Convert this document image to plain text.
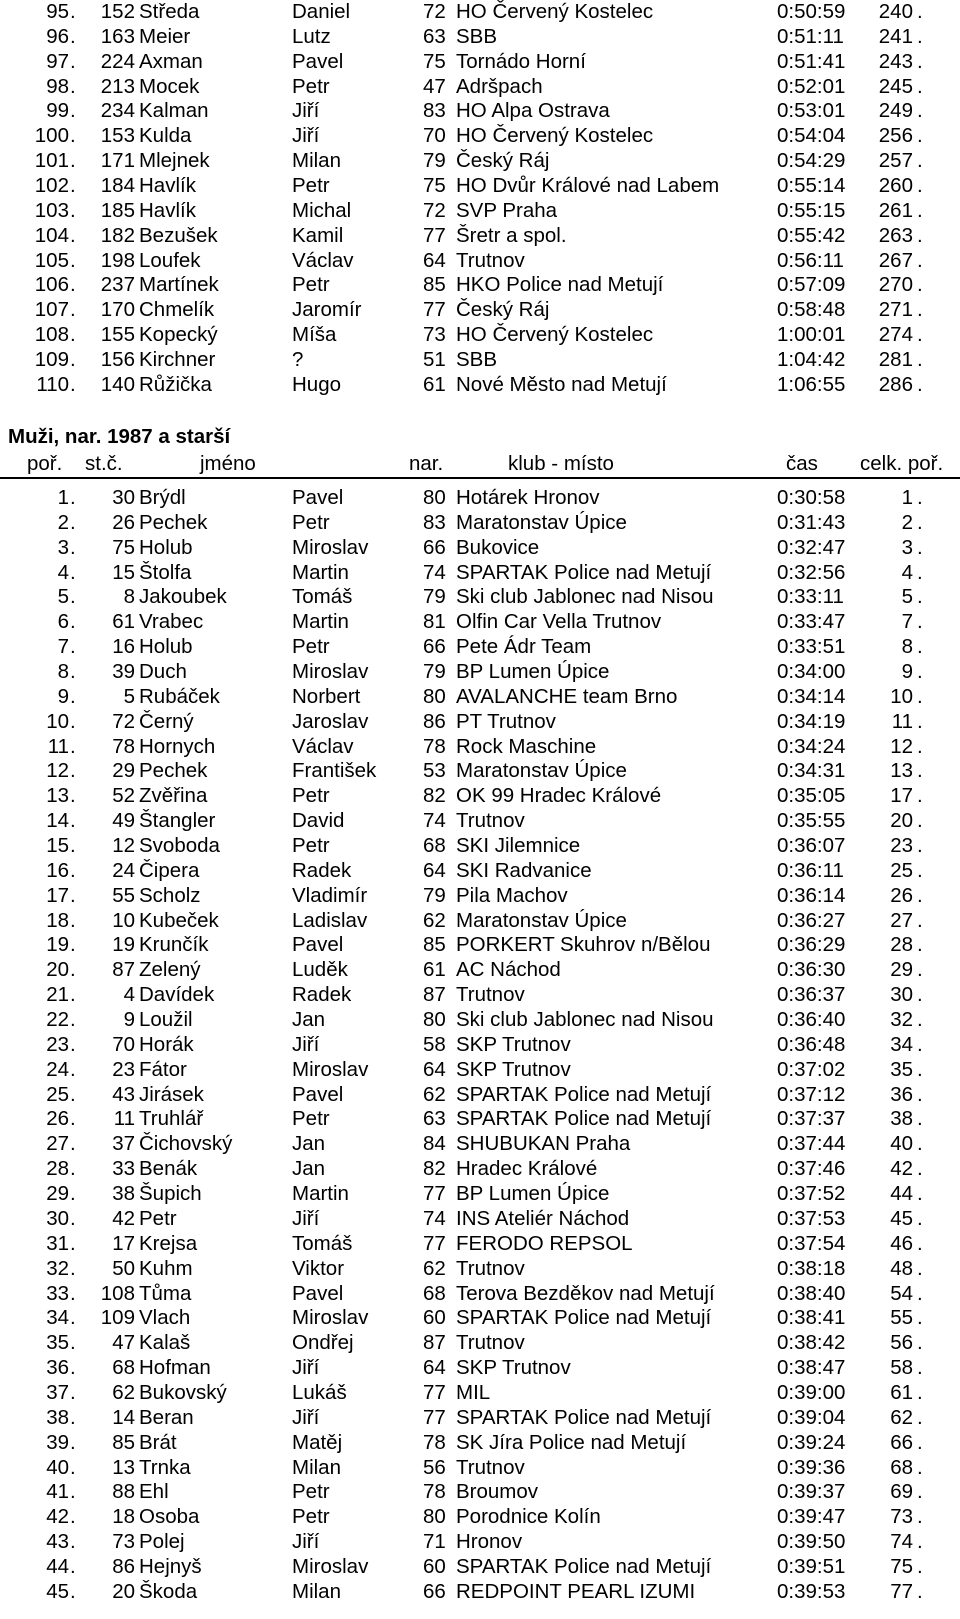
95 . 152 Středa	Daniel	72 HO Červený Kostelec	0:50:59 240 .
96 . 163 Meier	Lutz	63 SBB	0:51:11 241 .
97 . 224 Axman	Pavel	75 Tornádo Horní	0:51:41 243 .
98 . 213 Mocek	Petr	47 Adršpach	0:52:01 245 .
99 . 234 Kalman	Jiří	83 HO Alpa Ostrava	0:53:01 249 .
100 . 153 Kulda	Jiří	70 HO Červený Kostelec	0:54:04 256 .
101 . 171 Mlejnek	Milan	79 Český Ráj	0:54:29 257 .
102 . 184 Havlík	Petr	75 HO Dvůr Králové nad Labem	0:55:14 260 .
103 . 185 Havlík	Michal	72 SVP Praha	0:55:15 261 .
104 . 182 Bezušek	Kamil	77 Šretr a spol.	0:55:42 263 .
105 . 198 Loufek	Václav	64 Trutnov	0:56:11 267 .
106 . 237 Martínek	Petr	85 HKO Police nad Metují	0:57:09 270 .
107 . 170 Chmelík	Jaromír	77 Český Ráj	0:58:48 271 .
108 . 155 Kopecký	Míša	73 HO Červený Kostelec	1:00:01 274 .
109 . 156 Kirchner	?	51 SBB	1:04:42 281 .
110 . 140 Růžička	Hugo	61 Nové Město nad Metují	1:06:55 286 .
Muži, nar. 1987 a starší
poř. st.č.	jméno	nar.	klub - místo	čas celk. poř.
1 . 30 Brýdl	Pavel	80 Hotárek Hronov	0:30:58	1 .
2 . 26 Pechek	Petr	83 Maratonstav Úpice	0:31:43	2 .
3 . 75 Holub	Miroslav	66 Bukovice	0:32:47	3 .
4 . 15 Štolfa	Martin	74 SPARTAK Police nad Metují	0:32:56	4 .
5 . 8 Jakoubek	Tomáš	79 Ski club Jablonec nad Nisou	0:33:11	5 .
6 . 61 Vrabec	Martin	81 Olfin Car Vella Trutnov	0:33:47	7 .
7 . 16 Holub	Petr	66 Pete Ádr Team	0:33:51	8 .
8 . 39 Duch	Miroslav	79 BP Lumen Úpice	0:34:00	9 .
9 . 5 Rubáček	Norbert	80 AVALANCHE team Brno	0:34:14 10 .
10 . 72 Černý	Jaroslav	86 PT Trutnov	0:34:19 11 .
11 . 78 Hornych	Václav	78 Rock Maschine	0:34:24 12 .
12 . 29 Pechek	František 53 Maratonstav Úpice	0:34:31 13 .
13 . 52 Zvěřina	Petr	82 OK 99 Hradec Králové	0:35:05 17 .
14 . 49 Štangler	David	74 Trutnov	0:35:55 20 .
15 . 12 Svoboda	Petr	68 SKI Jilemnice	0:36:07 23 .
16 . 24 Čipera	Radek	64 SKI Radvanice	0:36:11 25 .
17 . 55 Scholz	Vladimír	79 Pila Machov	0:36:14 26 .
18 . 10 Kubeček	Ladislav	62 Maratonstav Úpice	0:36:27 27 .
19 . 19 Krunčík	Pavel	85 PORKERT Skuhrov n/Bělou	0:36:29 28 .
20 . 87 Zelený	Luděk	61 AC Náchod	0:36:30 29 .
21 . 4 Davídek	Radek	87 Trutnov	0:36:37 30 .
22 . 9 Loužil	Jan	80 Ski club Jablonec nad Nisou	0:36:40 32 .
23 . 70 Horák	Jiří	58 SKP Trutnov	0:36:48 34 .
24 . 23 Fátor	Miroslav	64 SKP Trutnov	0:37:02 35 .
25 . 43 Jirásek	Pavel	62 SPARTAK Police nad Metují	0:37:12 36 .
26 . 11 Truhlář	Petr	63 SPARTAK Police nad Metují	0:37:37 38 .
27 . 37 Čichovský	Jan	84 SHUBUKAN Praha	0:37:44 40 .
28 . 33 Benák	Jan	82 Hradec Králové	0:37:46 42 .
29 . 38 Šupich	Martin	77 BP Lumen Úpice	0:37:52 44 .
30 . 42 Petr	Jiří	74 INS Ateliér Náchod	0:37:53 45 .
31 . 17 Krejsa	Tomáš	77 FERODO REPSOL	0:37:54 46 .
32 . 50 Kuhm	Viktor	62 Trutnov	0:38:18 48 .
33 . 108 Tůma	Pavel	68 Terova Bezděkov nad Metují	0:38:40 54 .
34 . 109 Vlach	Miroslav	60 SPARTAK Police nad Metují	0:38:41 55 .
35 . 47 Kalaš	Ondřej	87 Trutnov	0:38:42 56 .
36 . 68 Hofman	Jiří	64 SKP Trutnov	0:38:47 58 .
37 . 62 Bukovský	Lukáš	77 MIL	0:39:00 61 .
38 . 14 Beran	Jiří	77 SPARTAK Police nad Metují	0:39:04 62 .
39 . 85 Brát	Matěj	78 SK Jíra Police nad Metují	0:39:24 66 .
40 . 13 Trnka	Milan	56 Trutnov	0:39:36 68 .
41 . 88 Ehl	Petr	78 Broumov	0:39:37 69 .
42 . 18 Osoba	Petr	80 Porodnice Kolín	0:39:47 73 .
43 . 73 Polej	Jiří	71 Hronov	0:39:50 74 .
44 . 86 Hejnyš	Miroslav	60 SPARTAK Police nad Metují	0:39:51 75 .
45 . 20 Škoda	Milan	66 REDPOINT PEARL IZUMI	0:39:53 77 .
